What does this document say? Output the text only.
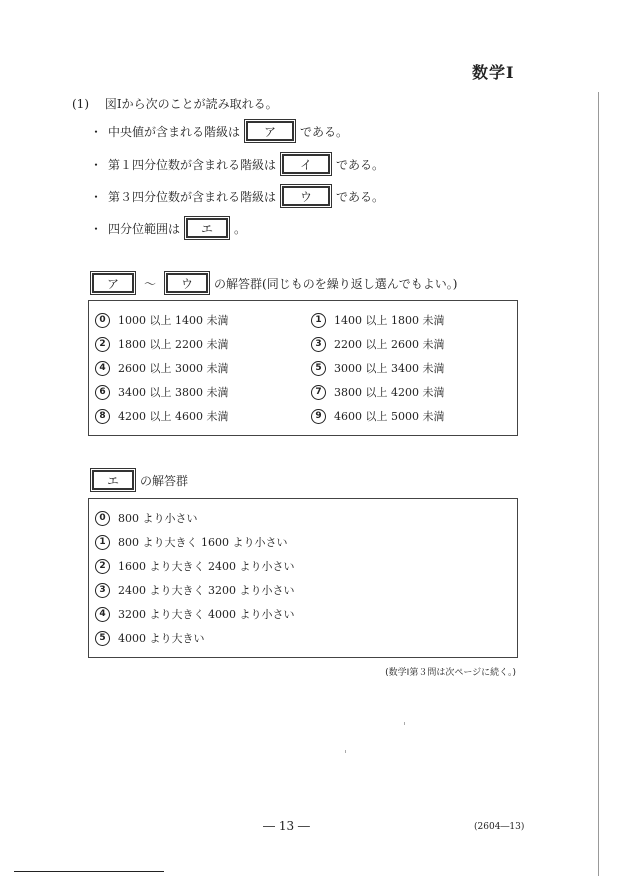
数学Ⅰ
(1) 図Ⅰから次のことが読み取れる。
・ 中央値が含まれる階級は	ア	である。
・ 第１四分位数が含まれる階級は	イ	である。
・ 第３四分位数が含まれる階級は	ウ	である。
・ 四分位範囲は	エ	。
ア	～	ウ	の解答群(同じものを繰り返し選んでもよい。)
0	1000 以上 1400 未満	1	1400 以上 1800 未満
2	1800 以上 2200 未満	3	2200 以上 2600 未満
4	2600 以上 3000 未満	5	3000 以上 3400 未満
6	3400 以上 3800 未満	7	3800 以上 4200 未満
8	4200 以上 4600 未満	9	4600 以上 5000 未満
エ	の解答群
0	800 より小さい
1	800 より大きく 1600 より小さい
2	1600 より大きく 2400 より小さい
3	2400 より大きく 3200 より小さい
4	3200 より大きく 4000 より小さい
5	4000 より大きい
(数学Ⅰ第３問は次ページに続く。)
― 13 ―	(2604―13)
